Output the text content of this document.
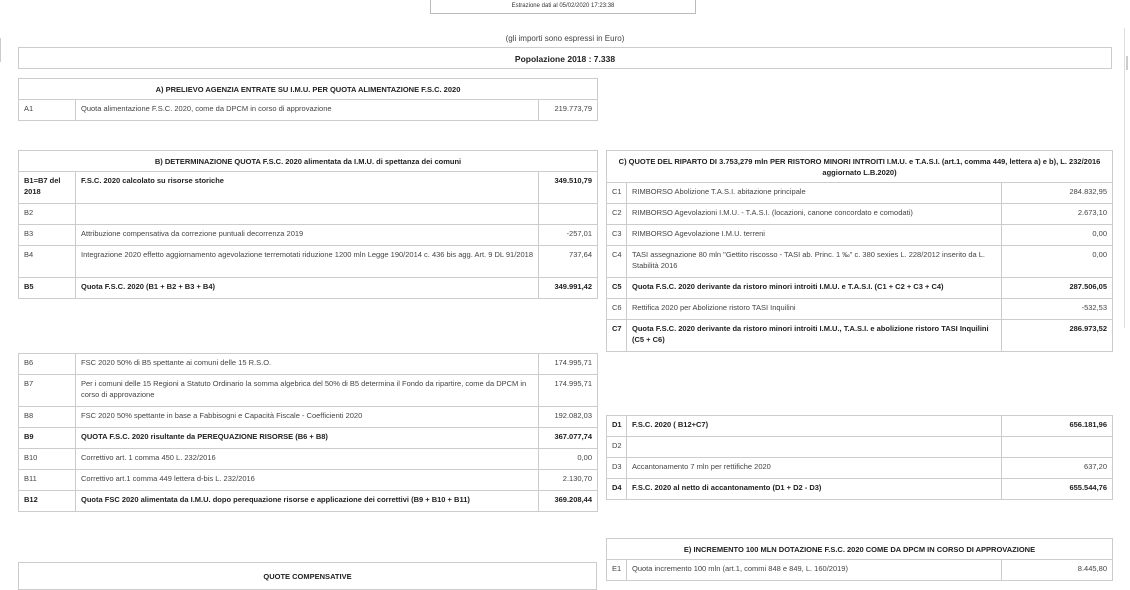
Estrazione dati al 05/02/2020 17:23:38
(gli importi sono espressi in Euro)
Popolazione 2018 : 7.338
A) PRELIEVO AGENZIA ENTRATE SU I.M.U. PER QUOTA ALIMENTAZIONE F.S.C. 2020
A1	Quota alimentazione F.S.C. 2020, come da DPCM in corso di approvazione	219.773,79
B) DETERMINAZIONE QUOTA F.S.C. 2020 alimentata da I.M.U. di spettanza dei comuni		
B1=B7 del 2018	F.S.C. 2020 calcolato su risorse storiche	349.510,79
B2		
B3	Attribuzione compensativa da correzione puntuali decorrenza 2019	-257,01
B4	Integrazione 2020 effetto aggiornamento agevolazione terremotati riduzione 1200 mln Legge 190/2014 c. 436 bis agg. Art. 9 DL 91/2018	737,64
B5	Quota F.S.C. 2020 (B1 + B2 + B3 + B4)	349.991,42
B6	FSC 2020 50% di B5 spettante ai comuni delle 15 R.S.O.	174.995,71
B7	Per i comuni delle 15 Regioni a Statuto Ordinario la somma algebrica del 50% di B5 determina il Fondo da ripartire, come da DPCM in corso di approvazione	174.995,71
B8	FSC 2020 50% spettante in base a Fabbisogni e Capacità Fiscale - Coefficienti 2020	192.082,03
B9	QUOTA F.S.C. 2020 risultante da PEREQUAZIONE RISORSE (B6 + B8)	367.077,74
B10	Correttivo art. 1 comma 450 L. 232/2016	0,00
B11	Correttivo art.1 comma 449 lettera d-bis L. 232/2016	2.130,70
B12	Quota FSC 2020 alimentata da I.M.U. dopo perequazione risorse e applicazione dei correttivi (B9 + B10 + B11)	369.208,44
QUOTE COMPENSATIVE
C) QUOTE DEL RIPARTO DI 3.753,279 mln PER RISTORO MINORI INTROITI I.M.U. e T.A.S.I. (art.1, comma 449, lettera a) e b), L. 232/2016 aggiornato L.B.2020)		
C1	RIMBORSO Abolizione T.A.S.I. abitazione principale	284.832,95
C2	RIMBORSO Agevolazioni I.M.U. - T.A.S.I. (locazioni, canone concordato e comodati)	2.673,10
C3	RIMBORSO Agevolazione I.M.U. terreni	0,00
C4	TASI assegnazione 80 mln "Gettito riscosso - TASI ab. Princ. 1 ‰" c. 380 sexies L. 228/2012 inserito da L. Stabilità 2016	0,00
C5	Quota F.S.C. 2020 derivante da ristoro minori introiti I.M.U. e T.A.S.I. (C1 + C2 + C3 + C4)	287.506,05
C6	Rettifica 2020 per Abolizione ristoro TASI Inquilini	-532,53
C7	Quota F.S.C. 2020 derivante da ristoro minori introiti I.M.U., T.A.S.I. e abolizione ristoro TASI Inquilini (C5 + C6)	286.973,52
D1	F.S.C. 2020 ( B12+C7)	656.181,96
D2		
D3	Accantonamento 7 mln per rettifiche 2020	637,20
D4	F.S.C. 2020 al netto di accantonamento (D1 + D2 - D3)	655.544,76
E) INCREMENTO 100 MLN DOTAZIONE F.S.C. 2020 COME DA DPCM IN CORSO DI APPROVAZIONE
E1	Quota incremento 100 mln (art.1, commi 848 e 849, L. 160/2019)	8.445,80
